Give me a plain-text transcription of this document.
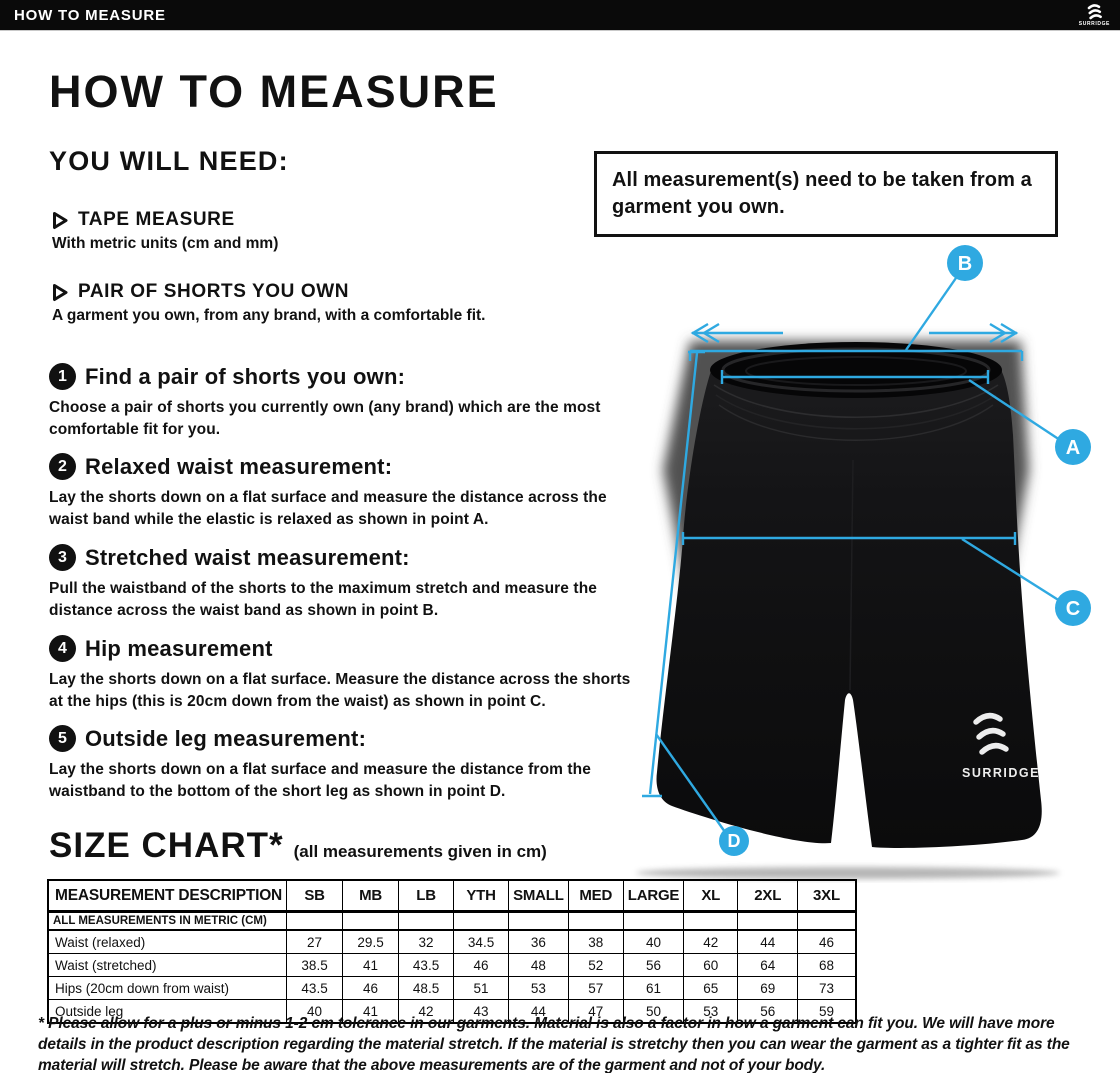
HOW TO MEASURE	SURRIDGE
HOW TO MEASURE
YOU WILL NEED:
TAPE MEASURE
With metric units (cm and mm)
PAIR OF SHORTS YOU OWN
A garment you own, from any brand, with a comfortable fit.
All measurement(s) need to be taken from a garment you own.
1 Find a pair of shorts you own:

Choose a pair of shorts you currently own (any brand) which are the most comfortable fit for you.

2 Relaxed waist measurement:

Lay the shorts down on a flat surface and measure the distance across the waist band while the elastic is relaxed as shown in point A.

3 Stretched waist measurement:

Pull the waistband of the shorts to the maximum stretch and measure the distance across the waist band as shown in point B.

4 Hip measurement

Lay the shorts down on a flat surface. Measure the distance across the shorts at the hips (this is 20cm down from the waist) as shown in point C.

5 Outside leg measurement:

Lay the shorts down on a flat surface and measure the distance from the waistband to the bottom of the short leg as shown in point D.

SURRIDGE
B
A
C
D
SIZE CHART* (all measurements given in cm)
MEASUREMENT DESCRIPTION	SB	MB	LB	YTH	SMALL	MED	LARGE	XL	2XL	3XL
ALL MEASUREMENTS IN METRIC (CM)										
Waist (relaxed)	27	29.5	32	34.5	36	38	40	42	44	46
Waist (stretched)	38.5	41	43.5	46	48	52	56	60	64	68
Hips (20cm down from waist)	43.5	46	48.5	51	53	57	61	65	69	73
Outside leg	40	41	42	43	44	47	50	53	56	59
* Please allow for a plus or minus 1-2 cm tolerance in our garments. Material is also a factor in how a garment can fit you. We will have more details in the product description regarding the material stretch. If the material is stretchy then you can wear the garment as a tighter fit as the material will stretch. Please be aware that the above measurements are of the garment and not of your body.
